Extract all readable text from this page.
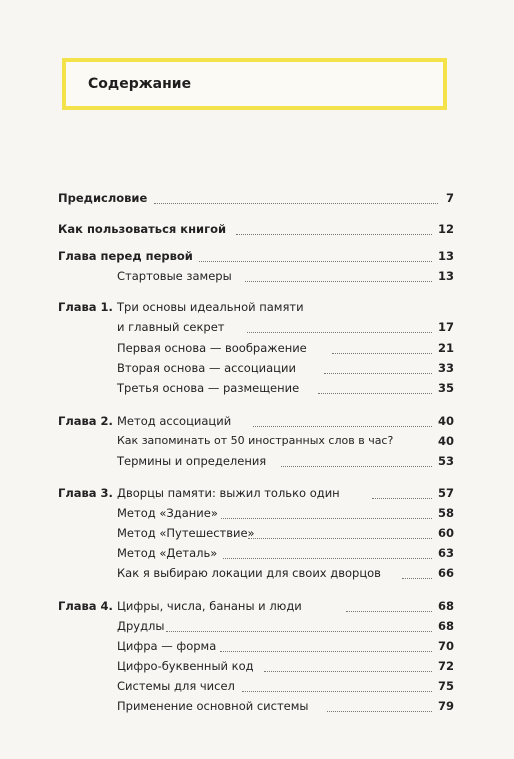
Содержание
Предисловие	7
Как пользоваться книгой	12
Глава перед первой	13
Стартовые замеры	13
Глава 1. Три основы идеальной памяти
и главный секрет	17
Первая основа — воображение	21
Вторая основа — ассоциации	33
Третья основа — размещение	35
Глава 2. Метод ассоциаций	40
Как запоминать от 50 иностранных слов в час?	40
Термины и определения	53
Глава 3. Дворцы памяти: выжил только один	57
Метод «Здание»	58
Метод «Путешествие»	60
Метод «Деталь»	63
Как я выбираю локации для своих дворцов	66
Глава 4. Цифры, числа, бананы и люди	68
Друдлы	68
Цифра — форма	70
Цифро-буквенный код	72
Системы для чисел	75
Применение основной системы	79
